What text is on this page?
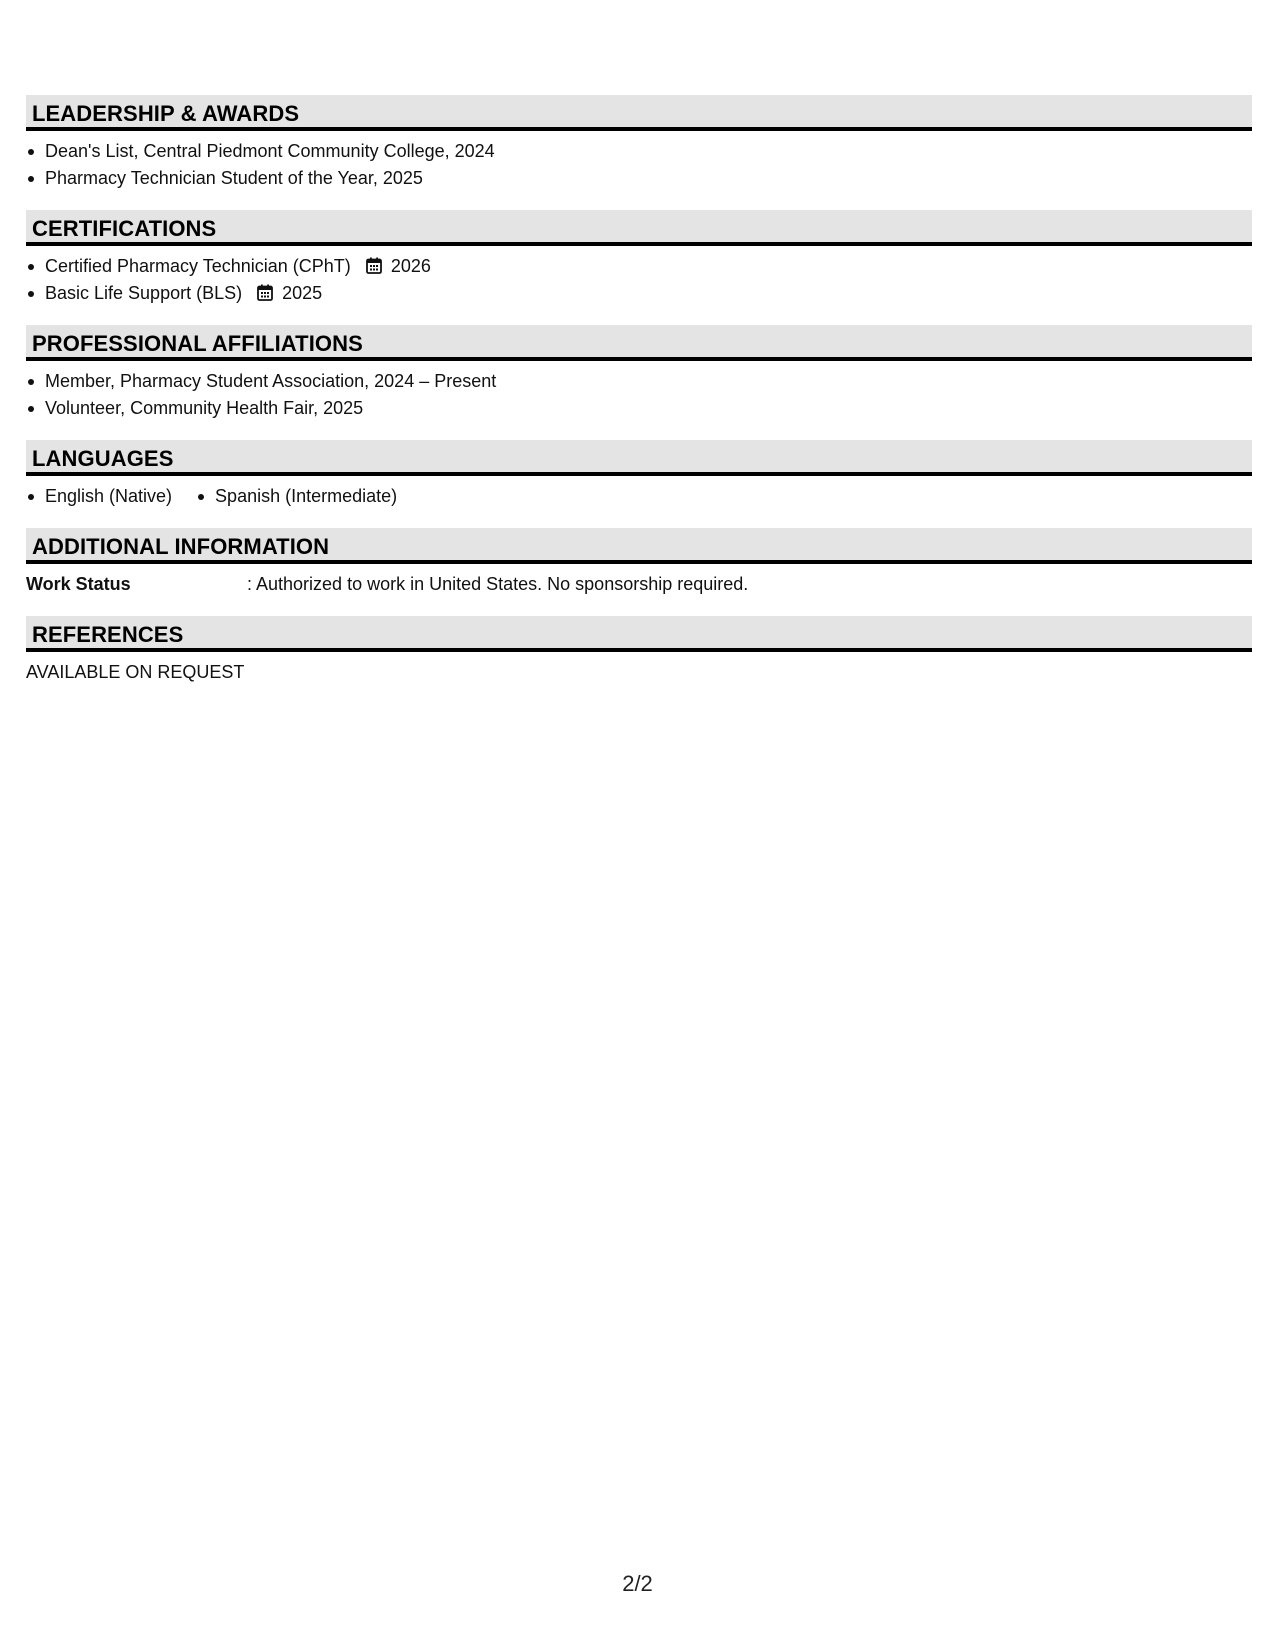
LEADERSHIP & AWARDS
Dean's List, Central Piedmont Community College, 2024
Pharmacy Technician Student of the Year, 2025
CERTIFICATIONS
Certified Pharmacy Technician (CPhT) 2026
Basic Life Support (BLS) 2025
PROFESSIONAL AFFILIATIONS
Member, Pharmacy Student Association, 2024 – Present
Volunteer, Community Health Fair, 2025
LANGUAGES
English (Native)	Spanish (Intermediate)
ADDITIONAL INFORMATION
Work Status	: Authorized to work in United States. No sponsorship required.
REFERENCES
AVAILABLE ON REQUEST
2/2
